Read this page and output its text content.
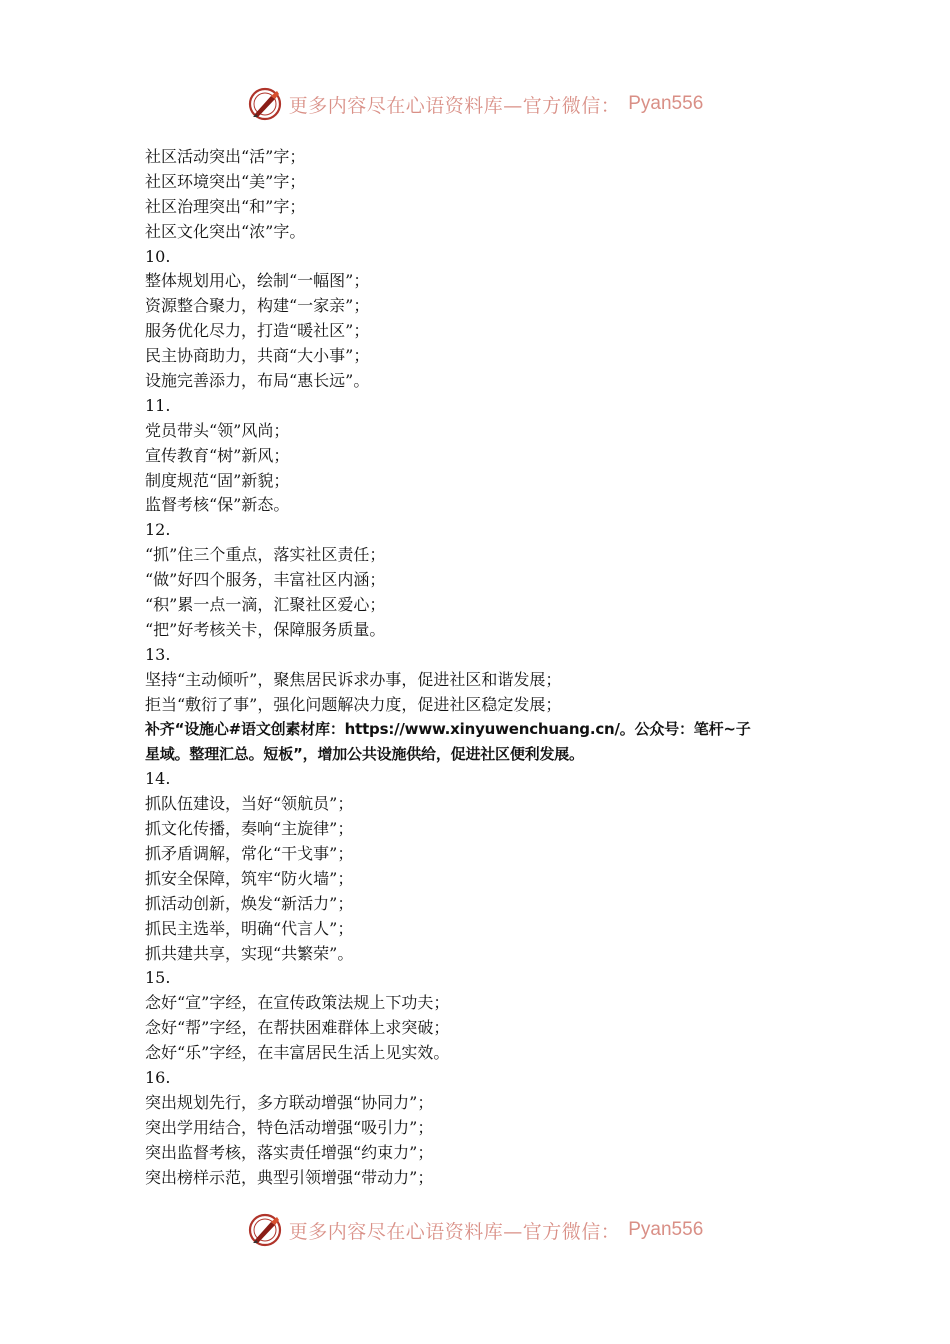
更多内容尽在心语资料库—官方微信： Pyan556
社区活动突出“活”字；
社区环境突出“美”字；
社区治理突出“和”字；
社区文化突出“浓”字。
10.
整体规划用心，绘制“一幅图”；
资源整合聚力，构建“一家亲”；
服务优化尽力，打造“暖社区”；
民主协商助力，共商“大小事”；
设施完善添力，布局“惠长远”。
11.
党员带头“领”风尚；
宣传教育“树”新风；
制度规范“固”新貌；
监督考核“保”新态。
12.
“抓”住三个重点，落实社区责任；
“做”好四个服务，丰富社区内涵；
“积”累一点一滴，汇聚社区爱心；
“把”好考核关卡，保障服务质量。
13.
坚持“主动倾听”，聚焦居民诉求办事，促进社区和谐发展；
拒当“敷衍了事”，强化问题解决力度，促进社区稳定发展；
补齐“设施心#语文创素材库：https://www.xinyuwenchuang.cn/。公众号：笔杆~子
星域。整理汇总。短板”，增加公共设施供给，促进社区便利发展。
14.
抓队伍建设，当好“领航员”；
抓文化传播，奏响“主旋律”；
抓矛盾调解，常化“干戈事”；
抓安全保障，筑牢“防火墙”；
抓活动创新，焕发“新活力”；
抓民主选举，明确“代言人”；
抓共建共享，实现“共繁荣”。
15.
念好“宣”字经，在宣传政策法规上下功夫；
念好“帮”字经，在帮扶困难群体上求突破；
念好“乐”字经，在丰富居民生活上见实效。
16.
突出规划先行，多方联动增强“协同力”；
突出学用结合，特色活动增强“吸引力”；
突出监督考核，落实责任增强“约束力”；
突出榜样示范，典型引领增强“带动力”；
更多内容尽在心语资料库—官方微信： Pyan556
